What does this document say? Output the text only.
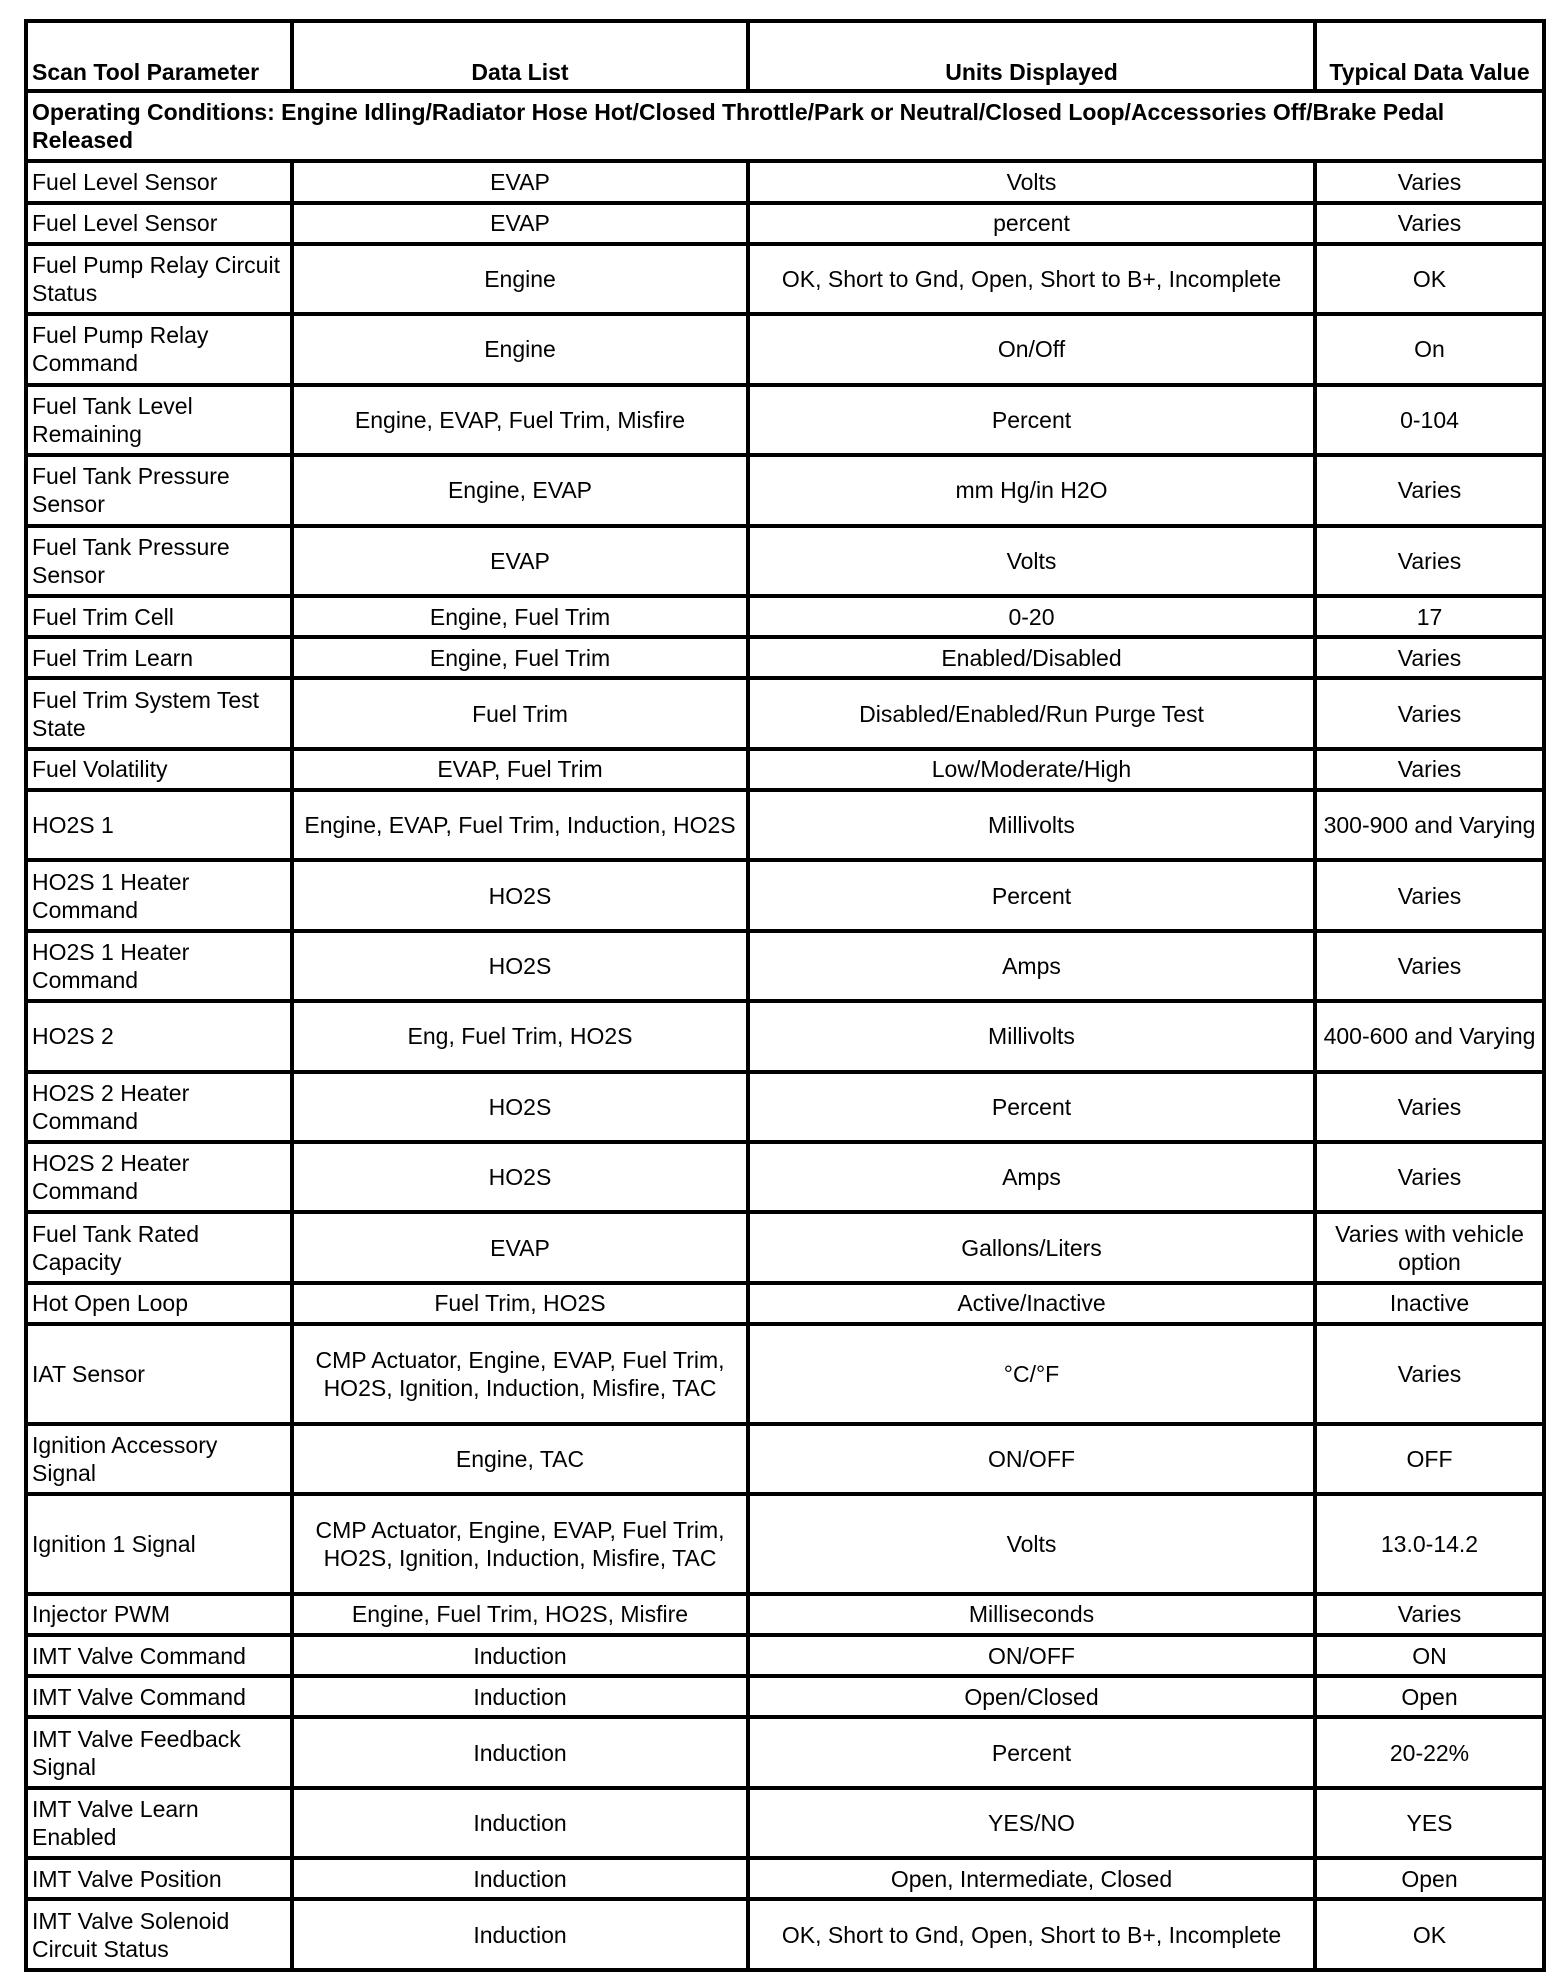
Scan Tool Parameter	Data List	Units Displayed	Typical Data Value
Operating Conditions: Engine Idling/Radiator Hose Hot/Closed Throttle/Park or Neutral/Closed Loop/Accessories Off/Brake Pedal Released			
Fuel Level Sensor	EVAP	Volts	Varies
Fuel Level Sensor	EVAP	percent	Varies
Fuel Pump Relay Circuit Status	Engine	OK, Short to Gnd, Open, Short to B+, Incomplete	OK
Fuel Pump Relay Command	Engine	On/Off	On
Fuel Tank Level Remaining	Engine, EVAP, Fuel Trim, Misfire	Percent	0-104
Fuel Tank Pressure Sensor	Engine, EVAP	mm Hg/in H2O	Varies
Fuel Tank Pressure Sensor	EVAP	Volts	Varies
Fuel Trim Cell	Engine, Fuel Trim	0-20	17
Fuel Trim Learn	Engine, Fuel Trim	Enabled/Disabled	Varies
Fuel Trim System Test State	Fuel Trim	Disabled/Enabled/Run Purge Test	Varies
Fuel Volatility	EVAP, Fuel Trim	Low/Moderate/High	Varies
HO2S 1	Engine, EVAP, Fuel Trim, Induction, HO2S	Millivolts	300-900 and Varying
HO2S 1 Heater Command	HO2S	Percent	Varies
HO2S 1 Heater Command	HO2S	Amps	Varies
HO2S 2	Eng, Fuel Trim, HO2S	Millivolts	400-600 and Varying
HO2S 2 Heater Command	HO2S	Percent	Varies
HO2S 2 Heater Command	HO2S	Amps	Varies
Fuel Tank Rated Capacity	EVAP	Gallons/Liters	Varies with vehicle option
Hot Open Loop	Fuel Trim, HO2S	Active/Inactive	Inactive
IAT Sensor	CMP Actuator, Engine, EVAP, Fuel Trim, HO2S, Ignition, Induction, Misfire, TAC	°C/°F	Varies
Ignition Accessory Signal	Engine, TAC	ON/OFF	OFF
Ignition 1 Signal	CMP Actuator, Engine, EVAP, Fuel Trim, HO2S, Ignition, Induction, Misfire, TAC	Volts	13.0-14.2
Injector PWM	Engine, Fuel Trim, HO2S, Misfire	Milliseconds	Varies
IMT Valve Command	Induction	ON/OFF	ON
IMT Valve Command	Induction	Open/Closed	Open
IMT Valve Feedback Signal	Induction	Percent	20-22%
IMT Valve Learn Enabled	Induction	YES/NO	YES
IMT Valve Position	Induction	Open, Intermediate, Closed	Open
IMT Valve Solenoid Circuit Status	Induction	OK, Short to Gnd, Open, Short to B+, Incomplete	OK
